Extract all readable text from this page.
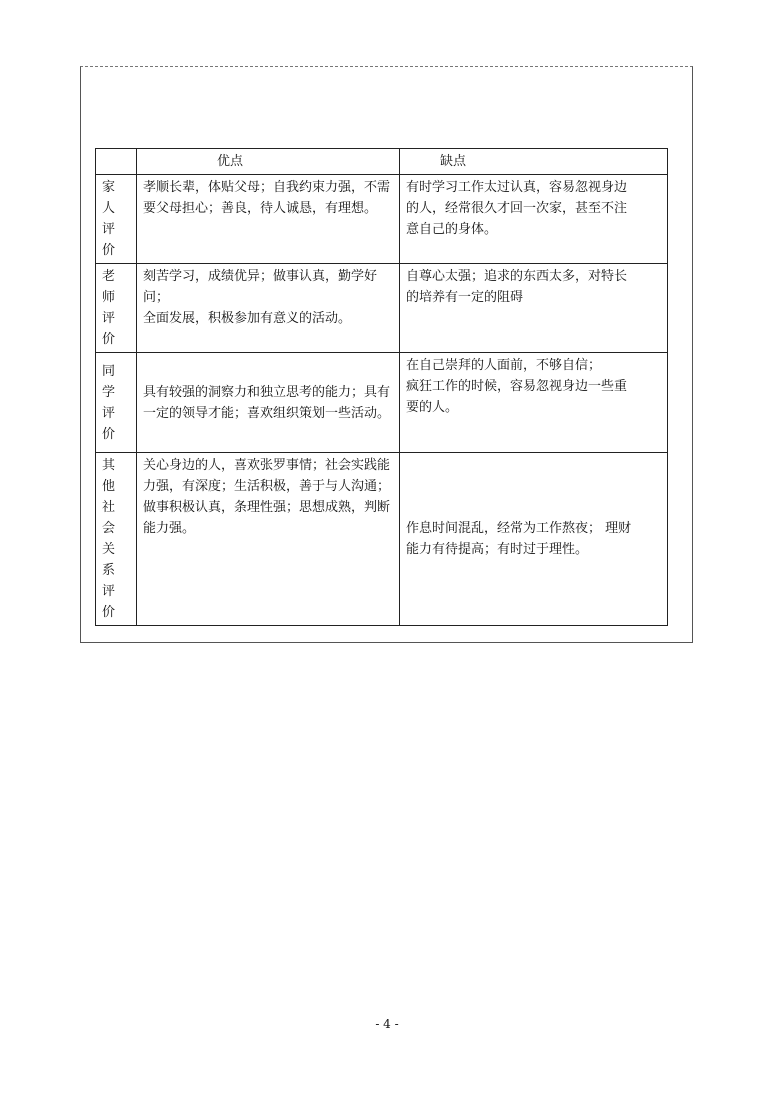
	优点	缺点

家 人
评价	孝顺长辈，体贴父母；自我约束力强，不需
要父母担心；善良，待人诚恳，有理想。	有时学习工作太过认真，容易忽视身边
的人，经常很久才回一次家，甚至不注
意自己的身体。

老 师
评价	刻苦学习，成绩优异；做事认真，勤学好问；
全面发展，积极参加有意义的活动。	自尊心太强；追求的东西太多，对特长
的培养有一定的阻碍

同 学
评价	具有较强的洞察力和独立思考的能力；具有
一定的领导才能；喜欢组织策划一些活动。	在自己崇拜的人面前，不够自信；
疯狂工作的时候，容易忽视身边一些重
要的人。

其 他
社 会
关 系
评价	关心身边的人，喜欢张罗事情；社会实践能
力强，有深度；生活积极，善于与人沟通；
做事积极认真，条理性强；思想成熟，判断
能力强。	作息时间混乱，经常为工作熬夜； 理财
能力有待提高；有时过于理性。
- 4 -
